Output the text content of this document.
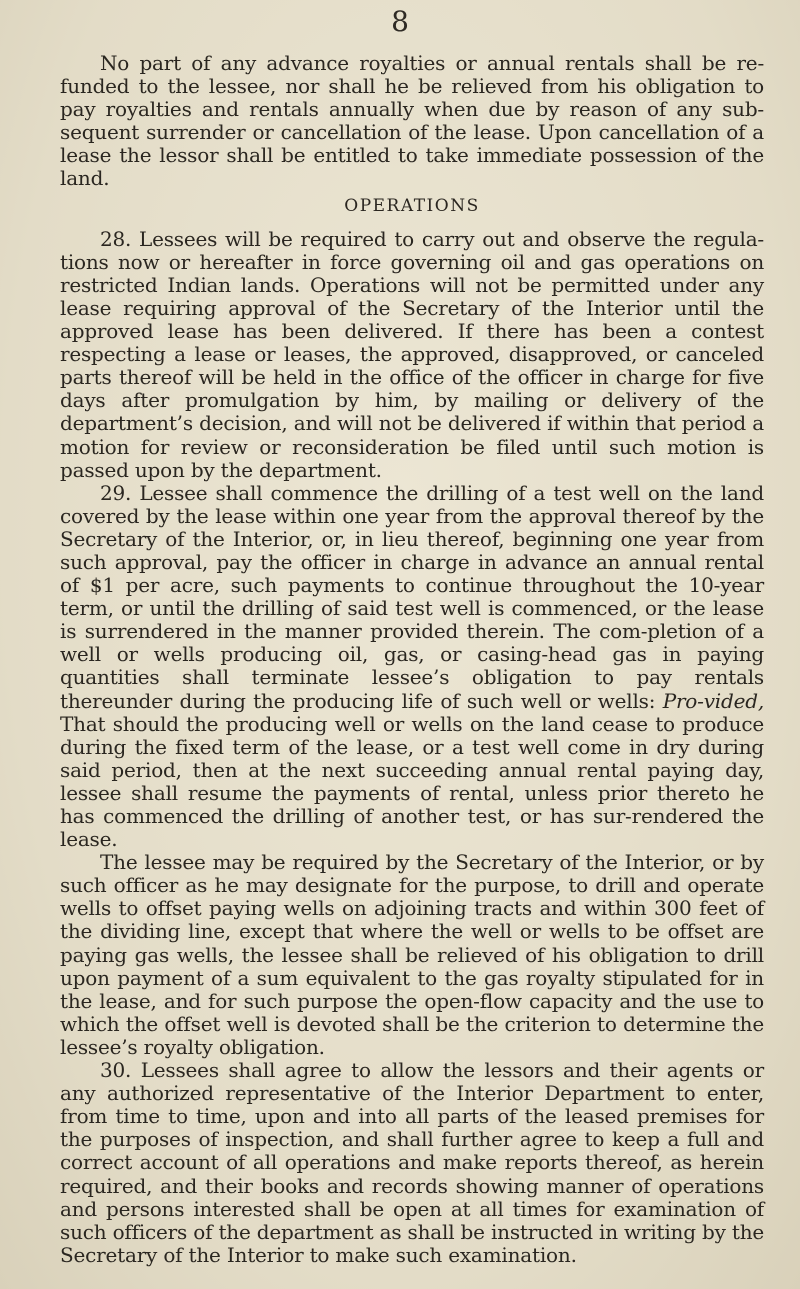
8

No part of any advance royalties or annual rentals shall be re-funded to the lessee, nor shall he be relieved from his obligation to pay royalties and rentals annually when due by reason of any sub-sequent surrender or cancellation of the lease. Upon cancellation of a lease the lessor shall be entitled to take immediate possession of the land.

OPERATIONS

28. Lessees will be required to carry out and observe the regula-tions now or hereafter in force governing oil and gas operations on restricted Indian lands. Operations will not be permitted under any lease requiring approval of the Secretary of the Interior until the approved lease has been delivered. If there has been a contest respecting a lease or leases, the approved, disapproved, or canceled parts thereof will be held in the office of the officer in charge for five days after promulgation by him, by mailing or delivery of the department’s decision, and will not be delivered if within that period a motion for review or reconsideration be filed until such motion is passed upon by the department.

29. Lessee shall commence the drilling of a test well on the land covered by the lease within one year from the approval thereof by the Secretary of the Interior, or, in lieu thereof, beginning one year from such approval, pay the officer in charge in advance an annual rental of $1 per acre, such payments to continue throughout the 10-year term, or until the drilling of said test well is commenced, or the lease is surrendered in the manner provided therein. The com-pletion of a well or wells producing oil, gas, or casing-head gas in paying quantities shall terminate lessee’s obligation to pay rentals thereunder during the producing life of such well or wells: Pro-vided, That should the producing well or wells on the land cease to produce during the fixed term of the lease, or a test well come in dry during said period, then at the next succeeding annual rental paying day, lessee shall resume the payments of rental, unless prior thereto he has commenced the drilling of another test, or has sur-rendered the lease.

The lessee may be required by the Secretary of the Interior, or by such officer as he may designate for the purpose, to drill and operate wells to offset paying wells on adjoining tracts and within 300 feet of the dividing line, except that where the well or wells to be offset are paying gas wells, the lessee shall be relieved of his obligation to drill upon payment of a sum equivalent to the gas royalty stipulated for in the lease, and for such purpose the open-flow capacity and the use to which the offset well is devoted shall be the criterion to determine the lessee’s royalty obligation.

30. Lessees shall agree to allow the lessors and their agents or any authorized representative of the Interior Department to enter, from time to time, upon and into all parts of the leased premises for the purposes of inspection, and shall further agree to keep a full and correct account of all operations and make reports thereof, as herein required, and their books and records showing manner of operations and persons interested shall be open at all times for examination of such officers of the department as shall be instructed in writing by the Secretary of the Interior to make such examination.
